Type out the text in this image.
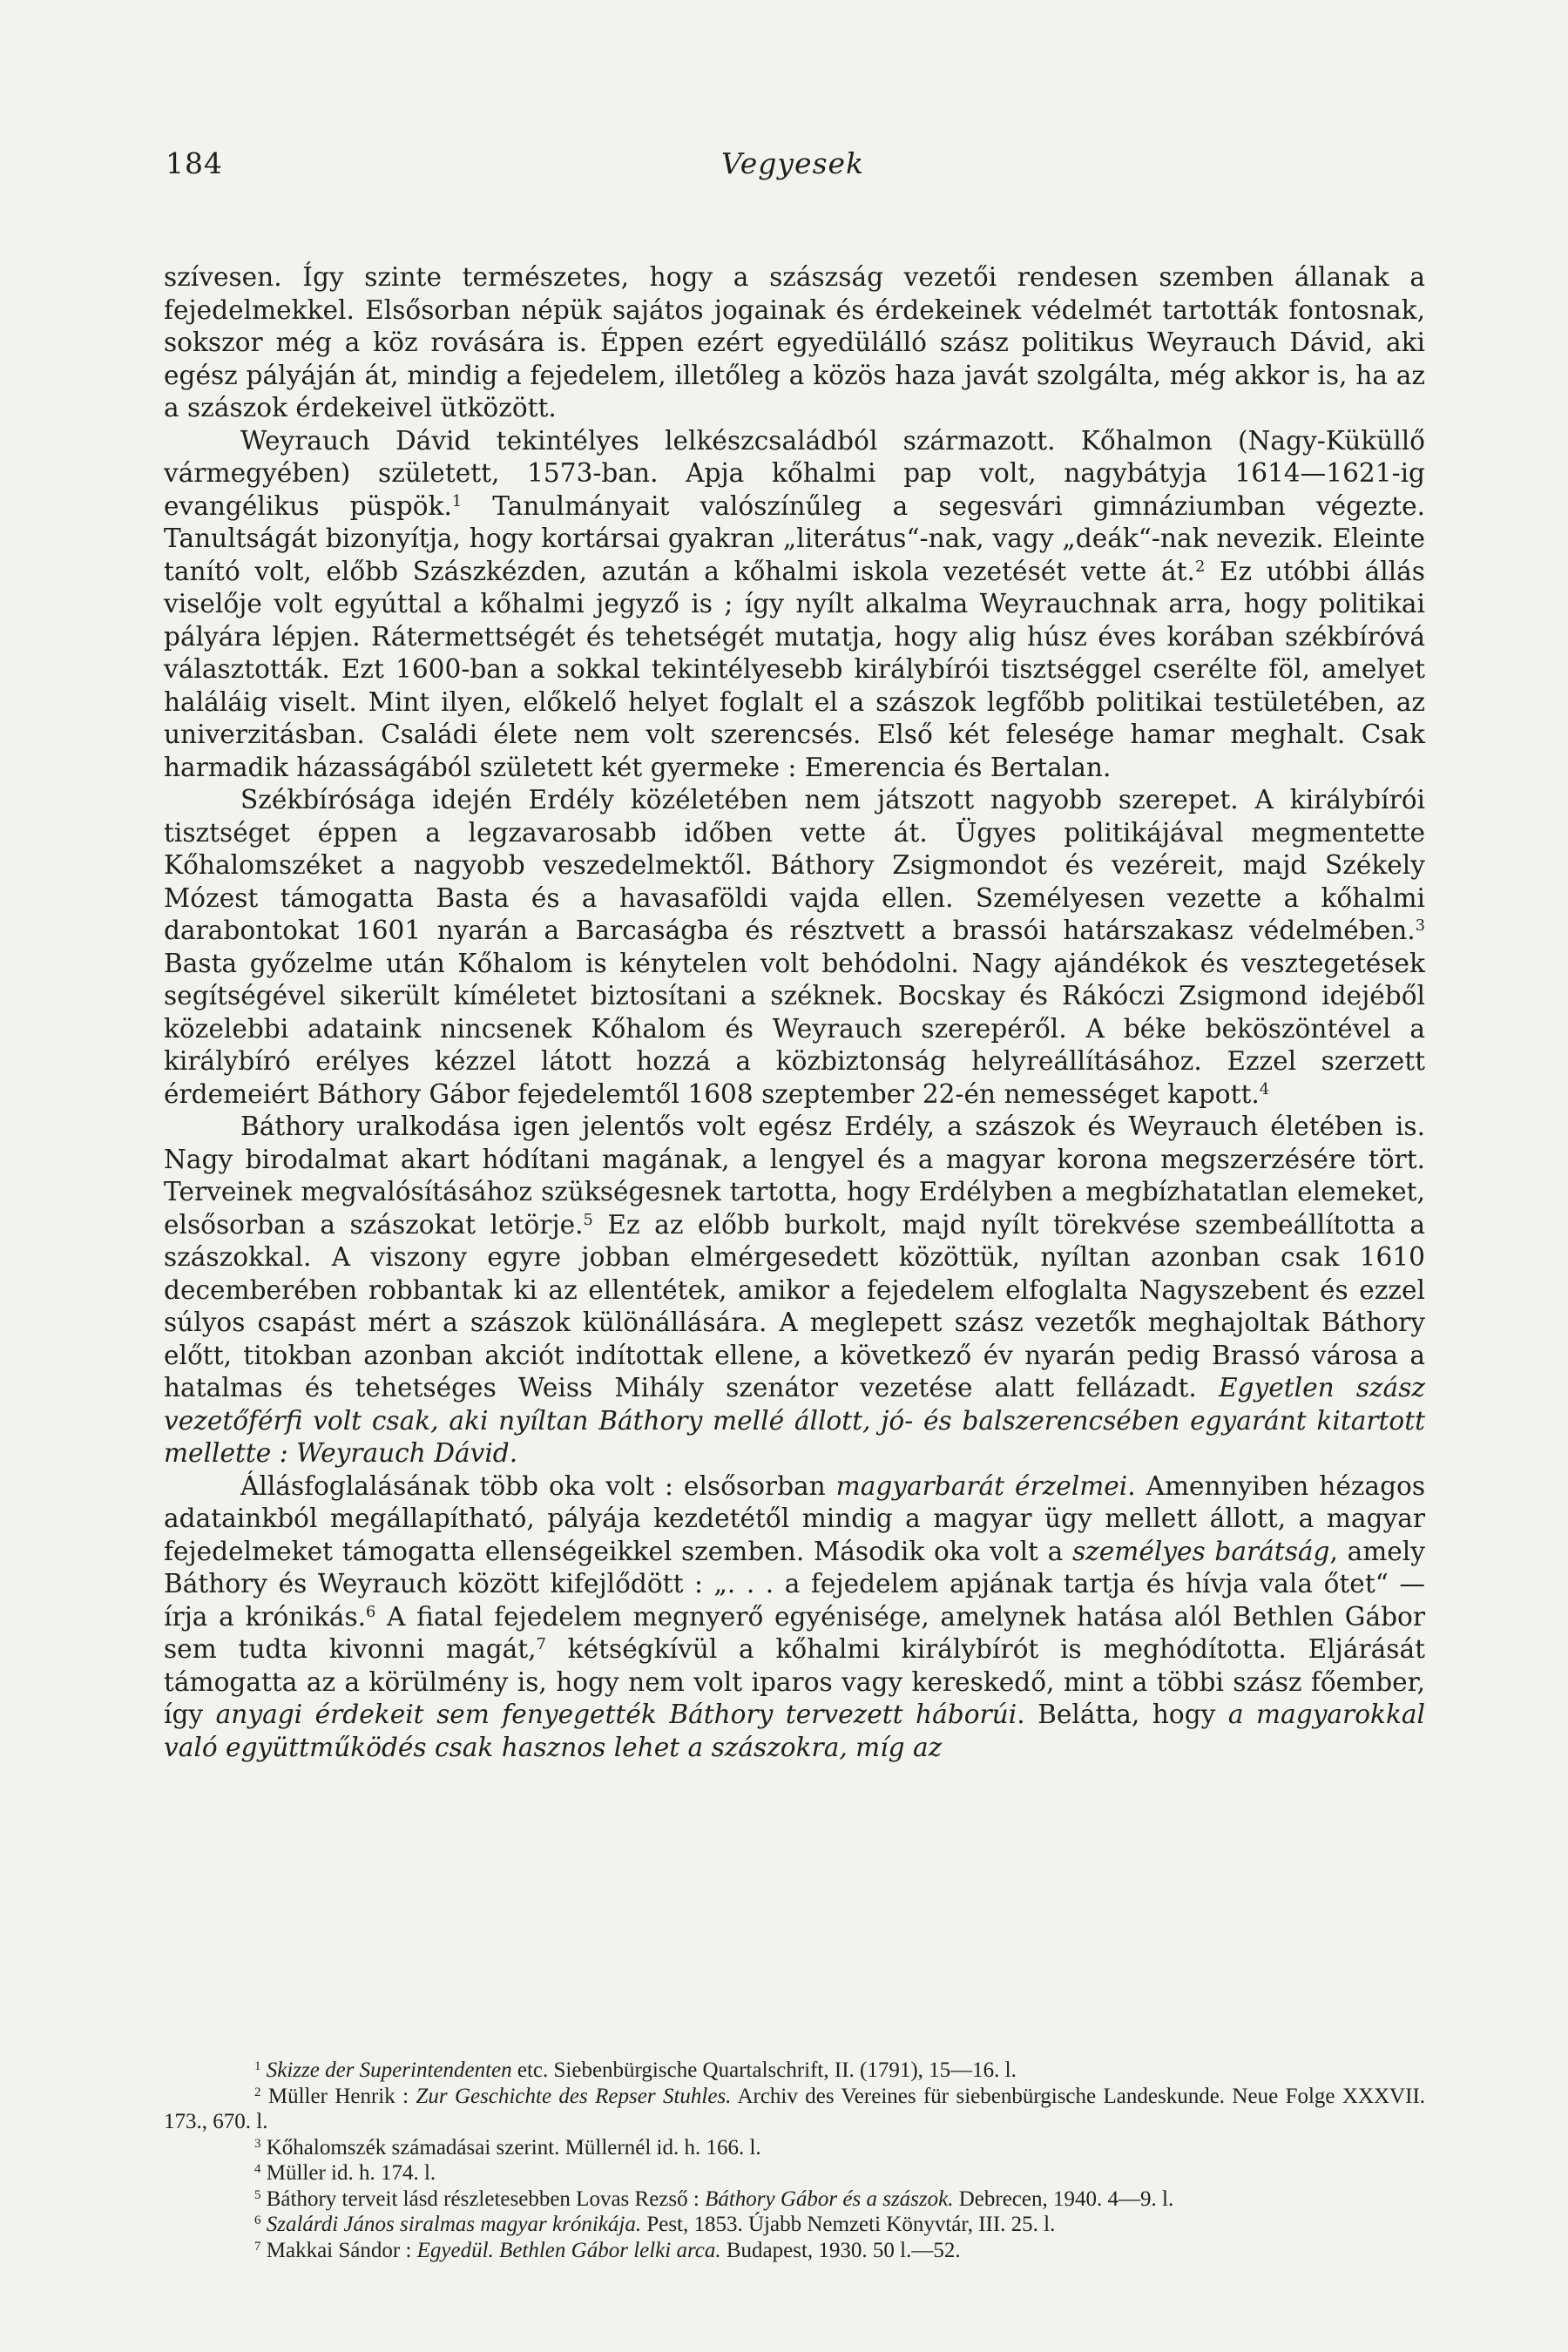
184	Vegyesek

szívesen. Így szinte természetes, hogy a szászság vezetői rendesen szemben állanak a fejedelmekkel. Elsősorban népük sajátos jogainak és érdekeinek védelmét tartották fontosnak, sokszor még a köz rovására is. Éppen ezért egyedülálló szász politikus Weyrauch Dávid, aki egész pályáján át, mindig a fejedelem, illetőleg a közös haza javát szolgálta, még akkor is, ha az a szászok érdekeivel ütközött.

Weyrauch Dávid tekintélyes lelkészcsaládból származott. Kőhalmon (Nagy-Küküllő vármegyében) született, 1573-ban. Apja kőhalmi pap volt, nagybátyja 1614—1621-ig evangélikus püspök.$^1$ Tanulmányait valószínűleg a segesvári gimnáziumban végezte. Tanultságát bizonyítja, hogy kortársai gyakran „literátus“-nak, vagy „deák“-nak nevezik. Eleinte tanító volt, előbb Szászkézden, azután a kőhalmi iskola vezetését vette át.$^2$ Ez utóbbi állás viselője volt egyúttal a kőhalmi jegyző is ; így nyílt alkalma Weyrauchnak arra, hogy politikai pályára lépjen. Rátermettségét és tehetségét mutatja, hogy alig húsz éves korában székbíróvá választották. Ezt 1600-ban a sokkal tekintélyesebb királybírói tisztséggel cserélte föl, amelyet haláláig viselt. Mint ilyen, előkelő helyet foglalt el a szászok legfőbb politikai testületében, az univerzitásban. Családi élete nem volt szerencsés. Első két felesége hamar meghalt. Csak harmadik házasságából született két gyermeke : Emerencia és Bertalan.

Székbírósága idején Erdély közéletében nem játszott nagyobb szerepet. A királybírói tisztséget éppen a legzavarosabb időben vette át. Ügyes politikájával megmentette Kőhalomszéket a nagyobb veszedelmektől. Báthory Zsigmondot és vezéreit, majd Székely Mózest támogatta Basta és a havasaföldi vajda ellen. Személyesen vezette a kőhalmi darabontokat 1601 nyarán a Barcaságba és résztvett a brassói határszakasz védelmében.$^3$ Basta győzelme után Kőhalom is kénytelen volt behódolni. Nagy ajándékok és vesztegetések segítségével sikerült kíméletet biztosítani a széknek. Bocskay és Rákóczi Zsigmond idejéből közelebbi adataink nincsenek Kőhalom és Weyrauch szerepéről. A béke beköszöntével a királybíró erélyes kézzel látott hozzá a közbiztonság helyreállításához. Ezzel szerzett érdemeiért Báthory Gábor fejedelemtől 1608 szeptember 22-én nemességet kapott.$^4$

Báthory uralkodása igen jelentős volt egész Erdély, a szászok és Weyrauch életében is. Nagy birodalmat akart hódítani magának, a lengyel és a magyar korona megszerzésére tört. Terveinek megvalósításához szükségesnek tartotta, hogy Erdélyben a megbízhatatlan elemeket, elsősorban a szászokat letörje.$^5$ Ez az előbb burkolt, majd nyílt törekvése szembeállította a szászokkal. A viszony egyre jobban elmérgesedett közöttük, nyíltan azonban csak 1610 decemberében robbantak ki az ellentétek, amikor a fejedelem elfoglalta Nagyszebent és ezzel súlyos csapást mért a szászok különállására. A meglepett szász vezetők meghajoltak Báthory előtt, titokban azonban akciót indítottak ellene, a következő év nyarán pedig Brassó városa a hatalmas és tehetséges Weiss Mihály szenátor vezetése alatt fellázadt. Egyetlen szász vezetőférfi volt csak, aki nyíltan Báthory mellé állott, jó- és balszerencsében egyaránt kitartott mellette : Weyrauch Dávid.

Állásfoglalásának több oka volt : elsősorban magyarbarát érzelmei. Amennyiben hézagos adatainkból megállapítható, pályája kezdetétől mindig a magyar ügy mellett állott, a magyar fejedelmeket támogatta ellenségeikkel szemben. Második oka volt a személyes barátság, amely Báthory és Weyrauch között kifejlődött : „. . . a fejedelem apjának tartja és hívja vala őtet“ — írja a krónikás.$^6$ A fiatal fejedelem megnyerő egyénisége, amelynek hatása alól Bethlen Gábor sem tudta kivonni magát,$^7$ kétségkívül a kőhalmi királybírót is meghódította. Eljárását támogatta az a körülmény is, hogy nem volt iparos vagy kereskedő, mint a többi szász főember, így anyagi érdekeit sem fenyegették Báthory tervezett háborúi. Belátta, hogy a magyarokkal való együttműködés csak hasznos lehet a szászokra, míg az

$^1$ Skizze der Superintendenten etc. Siebenbürgische Quartalschrift, II. (1791), 15—16. l.

$^2$ Müller Henrik : Zur Geschichte des Repser Stuhles. Archiv des Vereines für siebenbürgische Landeskunde. Neue Folge XXXVII. 173., 670. l.

$^3$ Kőhalomszék számadásai szerint. Müllernél id. h. 166. l.

$^4$ Müller id. h. 174. l.

$^5$ Báthory terveit lásd részletesebben Lovas Rezső : Báthory Gábor és a szászok. Debrecen, 1940. 4—9. l.

$^6$ Szalárdi János siralmas magyar krónikája. Pest, 1853. Újabb Nemzeti Könyvtár, III. 25. l.

$^7$ Makkai Sándor : Egyedül. Bethlen Gábor lelki arca. Budapest, 1930. 50 l.—52.
